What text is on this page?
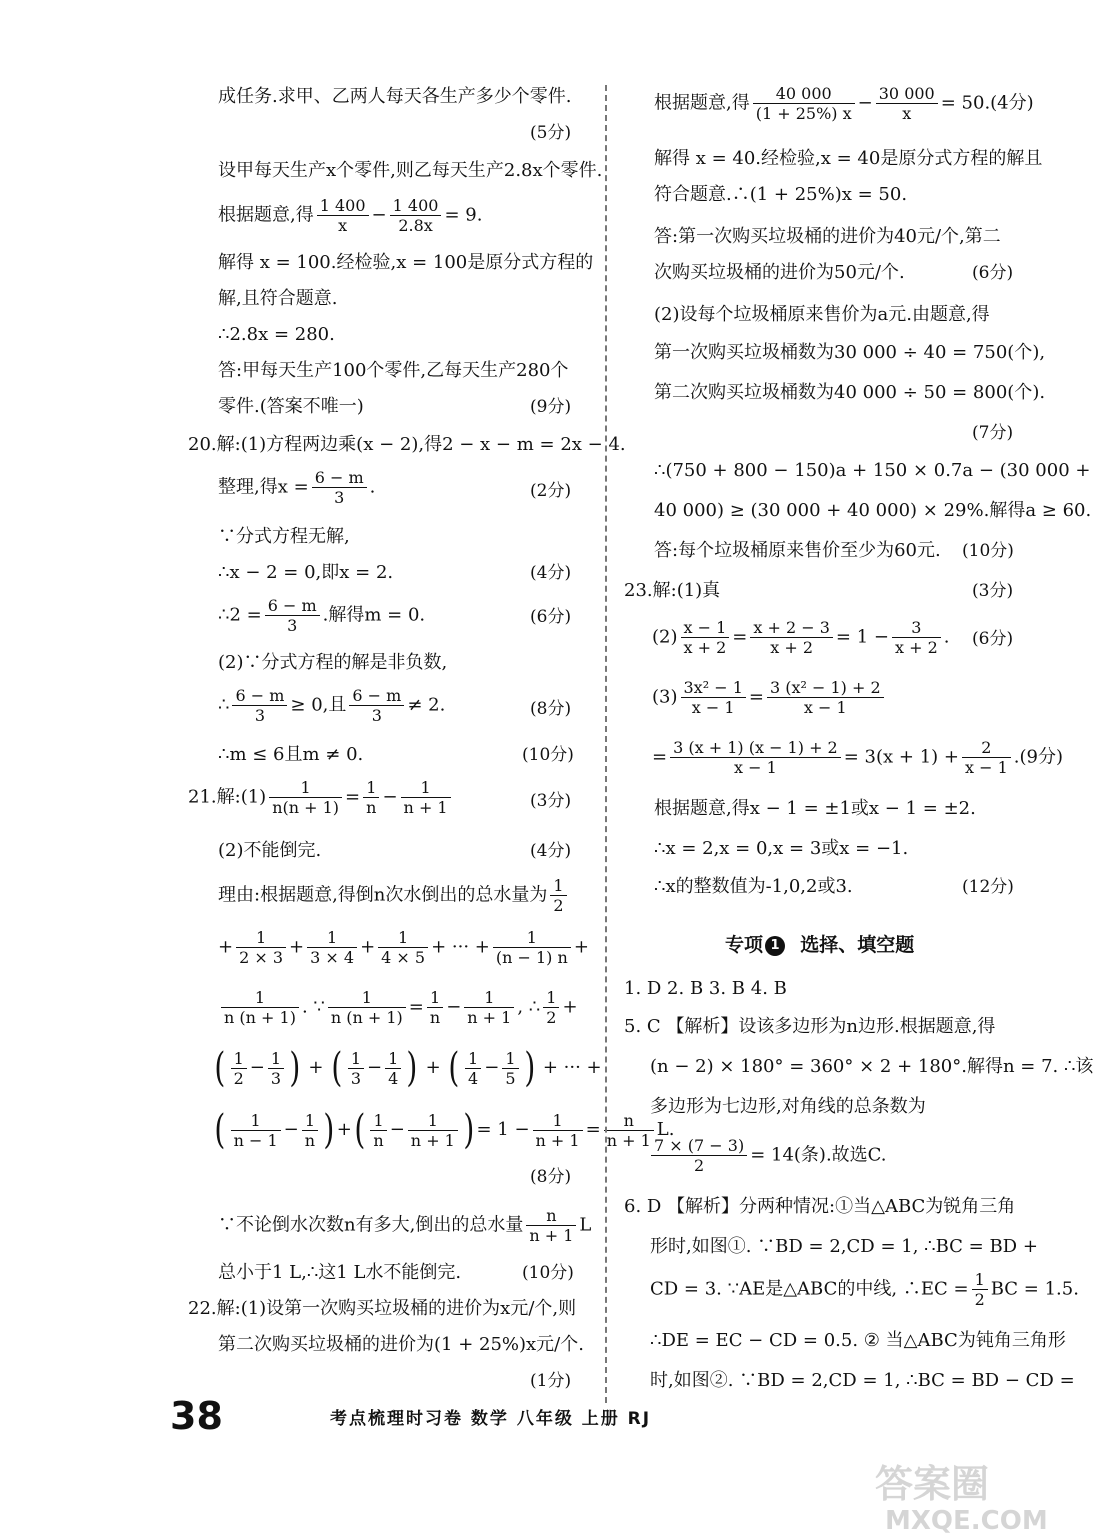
成任务.求甲、乙两人每天各生产多少个零件.
(5分)
设甲每天生产x个零件,则乙每天生产2.8x个零件.
根据题意,得 $\frac{1 400}{x} - \frac{1 400}{2.8x} = 9$.
解得 x = 100.经检验,x = 100是原分式方程的
解,且符合题意.
∴2.8x = 280.
答:甲每天生产100个零件,乙每天生产280个
零件.(答案不唯一)	(9分)
20.解:(1)方程两边乘(x − 2),得2 − x − m = 2x − 4.
整理,得$x = \frac{6 - m}{3}$ .	(2分)
∵分式方程无解,
∴x − 2 = 0,即x = 2.	(4分)
∴2 = $\frac{6 - m}{3}$ .解得m = 0.	(6分)
(2)∵分式方程的解是非负数,
∴ $\frac{6 - m}{3} \ge 0$,且 $\frac{6 - m}{3} \ne 2$.	(8分)
∴m ≤ 6且m ≠ 0.	(10分)
21.解:(1) $\frac{1}{n(n + 1)} = \frac{1}{n} - \frac{1}{n + 1}$	(3分)
(2)不能倒完.	(4分)
理由:根据题意,得倒n次水倒出的总水量为 $\frac{1}{2}$
+ $\frac{1}{2 \times 3} + \frac{1}{3 \times 4} + \frac{1}{4 \times 5}$ + ··· + $\frac{1}{(n - 1) n}$ +
$\frac{1}{n (n + 1)}$ . ∵ $\frac{1}{n (n + 1)} = \frac{1}{n} - \frac{1}{n + 1}$ , ∴ $\frac{1}{2}$ +
( $\frac{1}{2} - \frac{1}{3}$ ) + ( $\frac{1}{3} - \frac{1}{4}$ ) + ( $\frac{1}{4} - \frac{1}{5}$ ) + ··· +
( $\frac{1}{n - 1} - \frac{1}{n}$ ) +( $\frac{1}{n} - \frac{1}{n + 1}$ ) = $1 - \frac{1}{n + 1} = \frac{n}{n + 1} L$.
(8分)
∵不论倒水次数n有多大,倒出的总水量 $\frac{n}{n + 1}$ L
总小于1 L,∴这1 L水不能倒完.	(10分)
22.解:(1)设第一次购买垃圾桶的进价为x元/个,则
第二次购买垃圾桶的进价为(1 + 25%)x元/个.
(1分)
根据题意,得 $\frac{40 000}{(1 + 25\%) x} - \frac{30 000}{x} = 50.(4$分)
解得 x = 40.经检验,x = 40是原分式方程的解且
符合题意.∴(1 + 25%)x = 50.
答:第一次购买垃圾桶的进价为40元/个,第二
次购买垃圾桶的进价为50元/个.	(6分)
(2)设每个垃圾桶原来售价为a元.由题意,得
第一次购买垃圾桶数为30 000 ÷ 40 = 750(个),
第二次购买垃圾桶数为40 000 ÷ 50 = 800(个).
(7分)
∴(750 + 800 − 150)a + 150 × 0.7a − (30 000 +
40 000) ≥ (30 000 + 40 000) × 29%.解得a ≥ 60.
答:每个垃圾桶原来售价至少为60元. (10分)
23.解:(1)真	(3分)
$(2) \frac{x - 1}{x + 2} = \frac{x + 2 - 3}{x + 2} = 1 - \frac{3}{x + 2}$ . (6分)
$(3) \frac{\text{3x² − 1}}{x - 1} = \frac{\text{3 (x² − 1) + 2}}{x - 1}$
= $\frac{3 (x + 1) (x - 1) + 2}{x - 1} = 3(x + 1) + \frac{2}{x - 1} .(9$分)
根据题意,得x − 1 = ±1或x − 1 = ±2.
∴x = 2,x = 0,x = 3或x = −1.
∴x的整数值为-1,0,2或3.	(12分)
1. D 2. B 3. B 4. B
5. C 【解析】设该多边形为n边形.根据题意,得
(n − 2) × 180° = 360° × 2 + 180°.解得n = 7. ∴该
多边形为七边形,对角线的总条数为
$\frac{7 \times (7 - 3)}{2} = 14$(条).故选C.
6. D 【解析】分两种情况:①当△ABC为锐角三角
形时,如图①. ∵BD = 2,CD = 1, ∴BC = BD +
CD = 3. ∵AE是△ABC的中线, ∴EC = $\frac{1}{2}$ BC = 1.5.
∴DE = EC − CD = 0.5. ② 当△ABC为钝角三角形
时,如图②. ∵BD = 2,CD = 1, ∴BC = BD − CD =
专项 1 选择、填空题
38	考点梳理时习卷 数学 八年级 上册 RJ
答案圈
MXQE.COM
